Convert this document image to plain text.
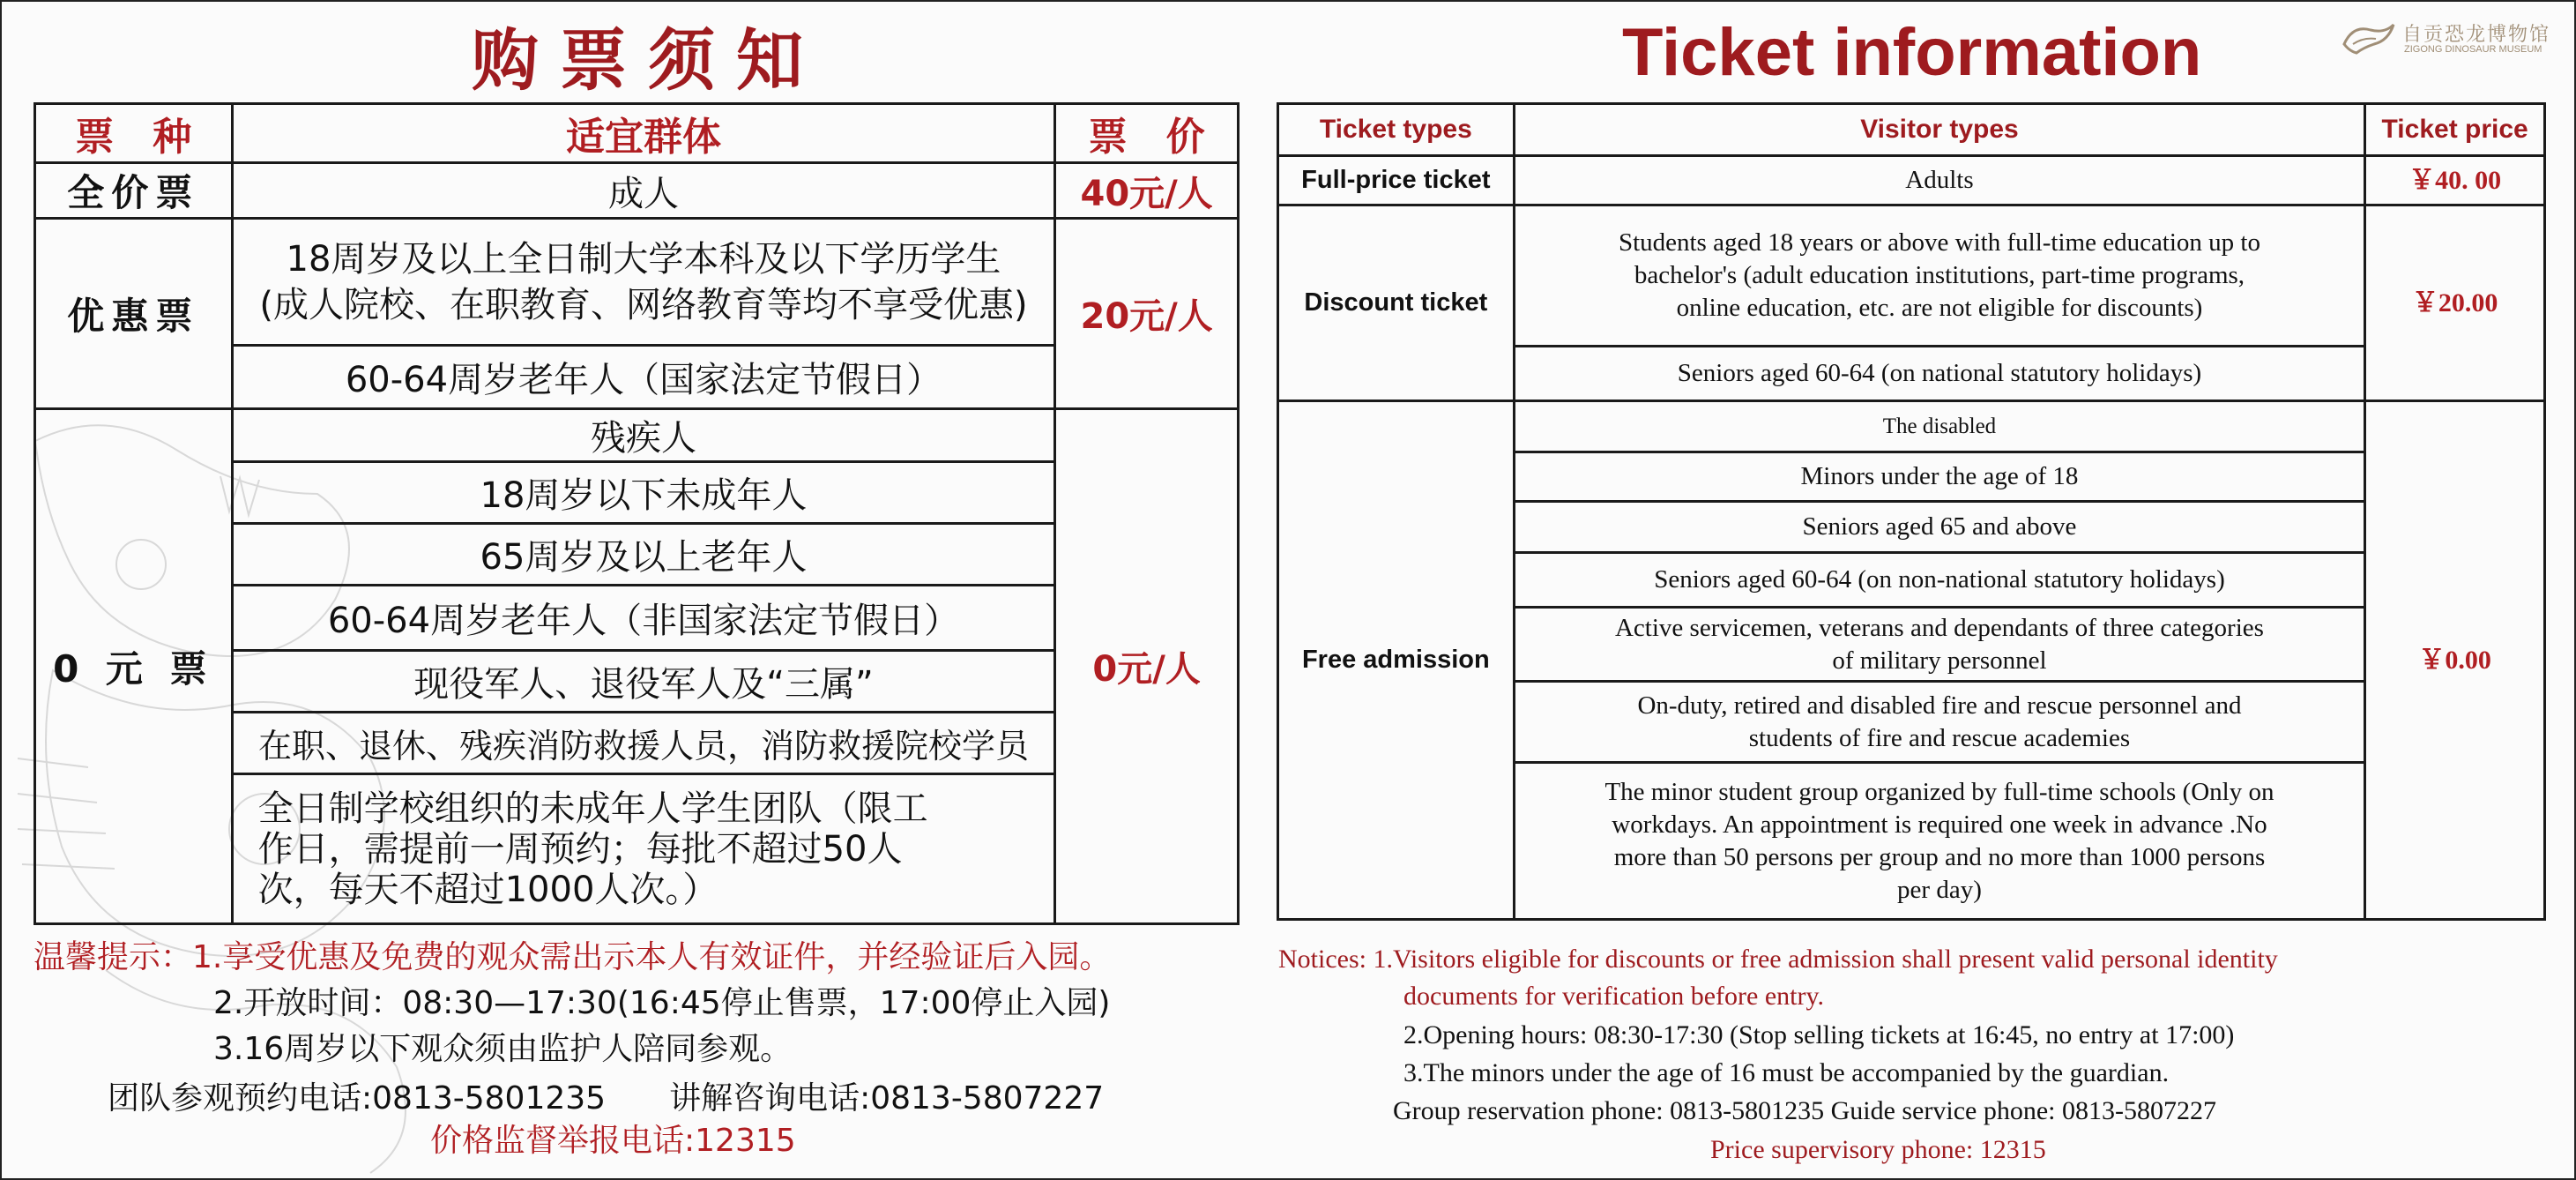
购票须知	Ticket information	自贡恐龙博物馆
ZIGONG DINOSAUR MUSEUM
票　种	适宜群体	票　价
全价票	成人	40元/人
优惠票	18周岁及以上全日制大学本科及以下学历学生
(成人院校、在职教育、网络教育等均不享受优惠)	20元/人
	60-64周岁老年人（国家法定节假日）	
0 元 票	残疾人	0元/人
	18周岁以下未成年人	
	65周岁及以上老年人	
	60-64周岁老年人（非国家法定节假日）	
	现役军人、退役军人及“三属”	
	在职、退休、残疾消防救援人员，消防救援院校学员	

	全日制学校组织的未成年人学生团队（限工
作日，需提前一周预约；每批不超过50人
次，每天不超过1000人次。）	
Ticket types	Visitor types	Ticket price
Full-price ticket	Adults	￥40. 00
Discount ticket	Students aged 18 years or above with full-time education up to
bachelor's (adult education institutions, part-time programs,
online education, etc. are not eligible for discounts)	￥20.00
	Seniors aged 60-64 (on national statutory holidays)	
Free admission	The disabled	￥0.00
	Minors under the age of 18	
	Seniors aged 65 and above	
	Seniors aged 60-64 (on non-national statutory holidays)	

	Active servicemen, veterans and dependants of three categories
of military personnel	

	On-duty, retired and disabled fire and rescue personnel and
students of fire and rescue academies	

	The minor student group organized by full-time schools (Only on
workdays. An appointment is required one week in advance .No
more than 50 persons per group and no more than 1000 persons
per day)	
温馨提示：1.享受优惠及免费的观众需出示本人有效证件，并经验证后入园。
2.开放时间：08:30—17:30(16:45停止售票，17:00停止入园)
3.16周岁以下观众须由监护人陪同参观。
团队参观预约电话:0813-5801235　　讲解咨询电话:0813-5807227
价格监督举报电话:12315
Notices: 1.Visitors eligible for discounts or free admission shall present valid personal identity
documents for verification before entry.
2.Opening hours: 08:30-17:30 (Stop selling tickets at 16:45, no entry at 17:00)
3.The minors under the age of 16 must be accompanied by the guardian.
Group reservation phone: 0813-5801235 Guide service phone: 0813-5807227
Price supervisory phone: 12315
